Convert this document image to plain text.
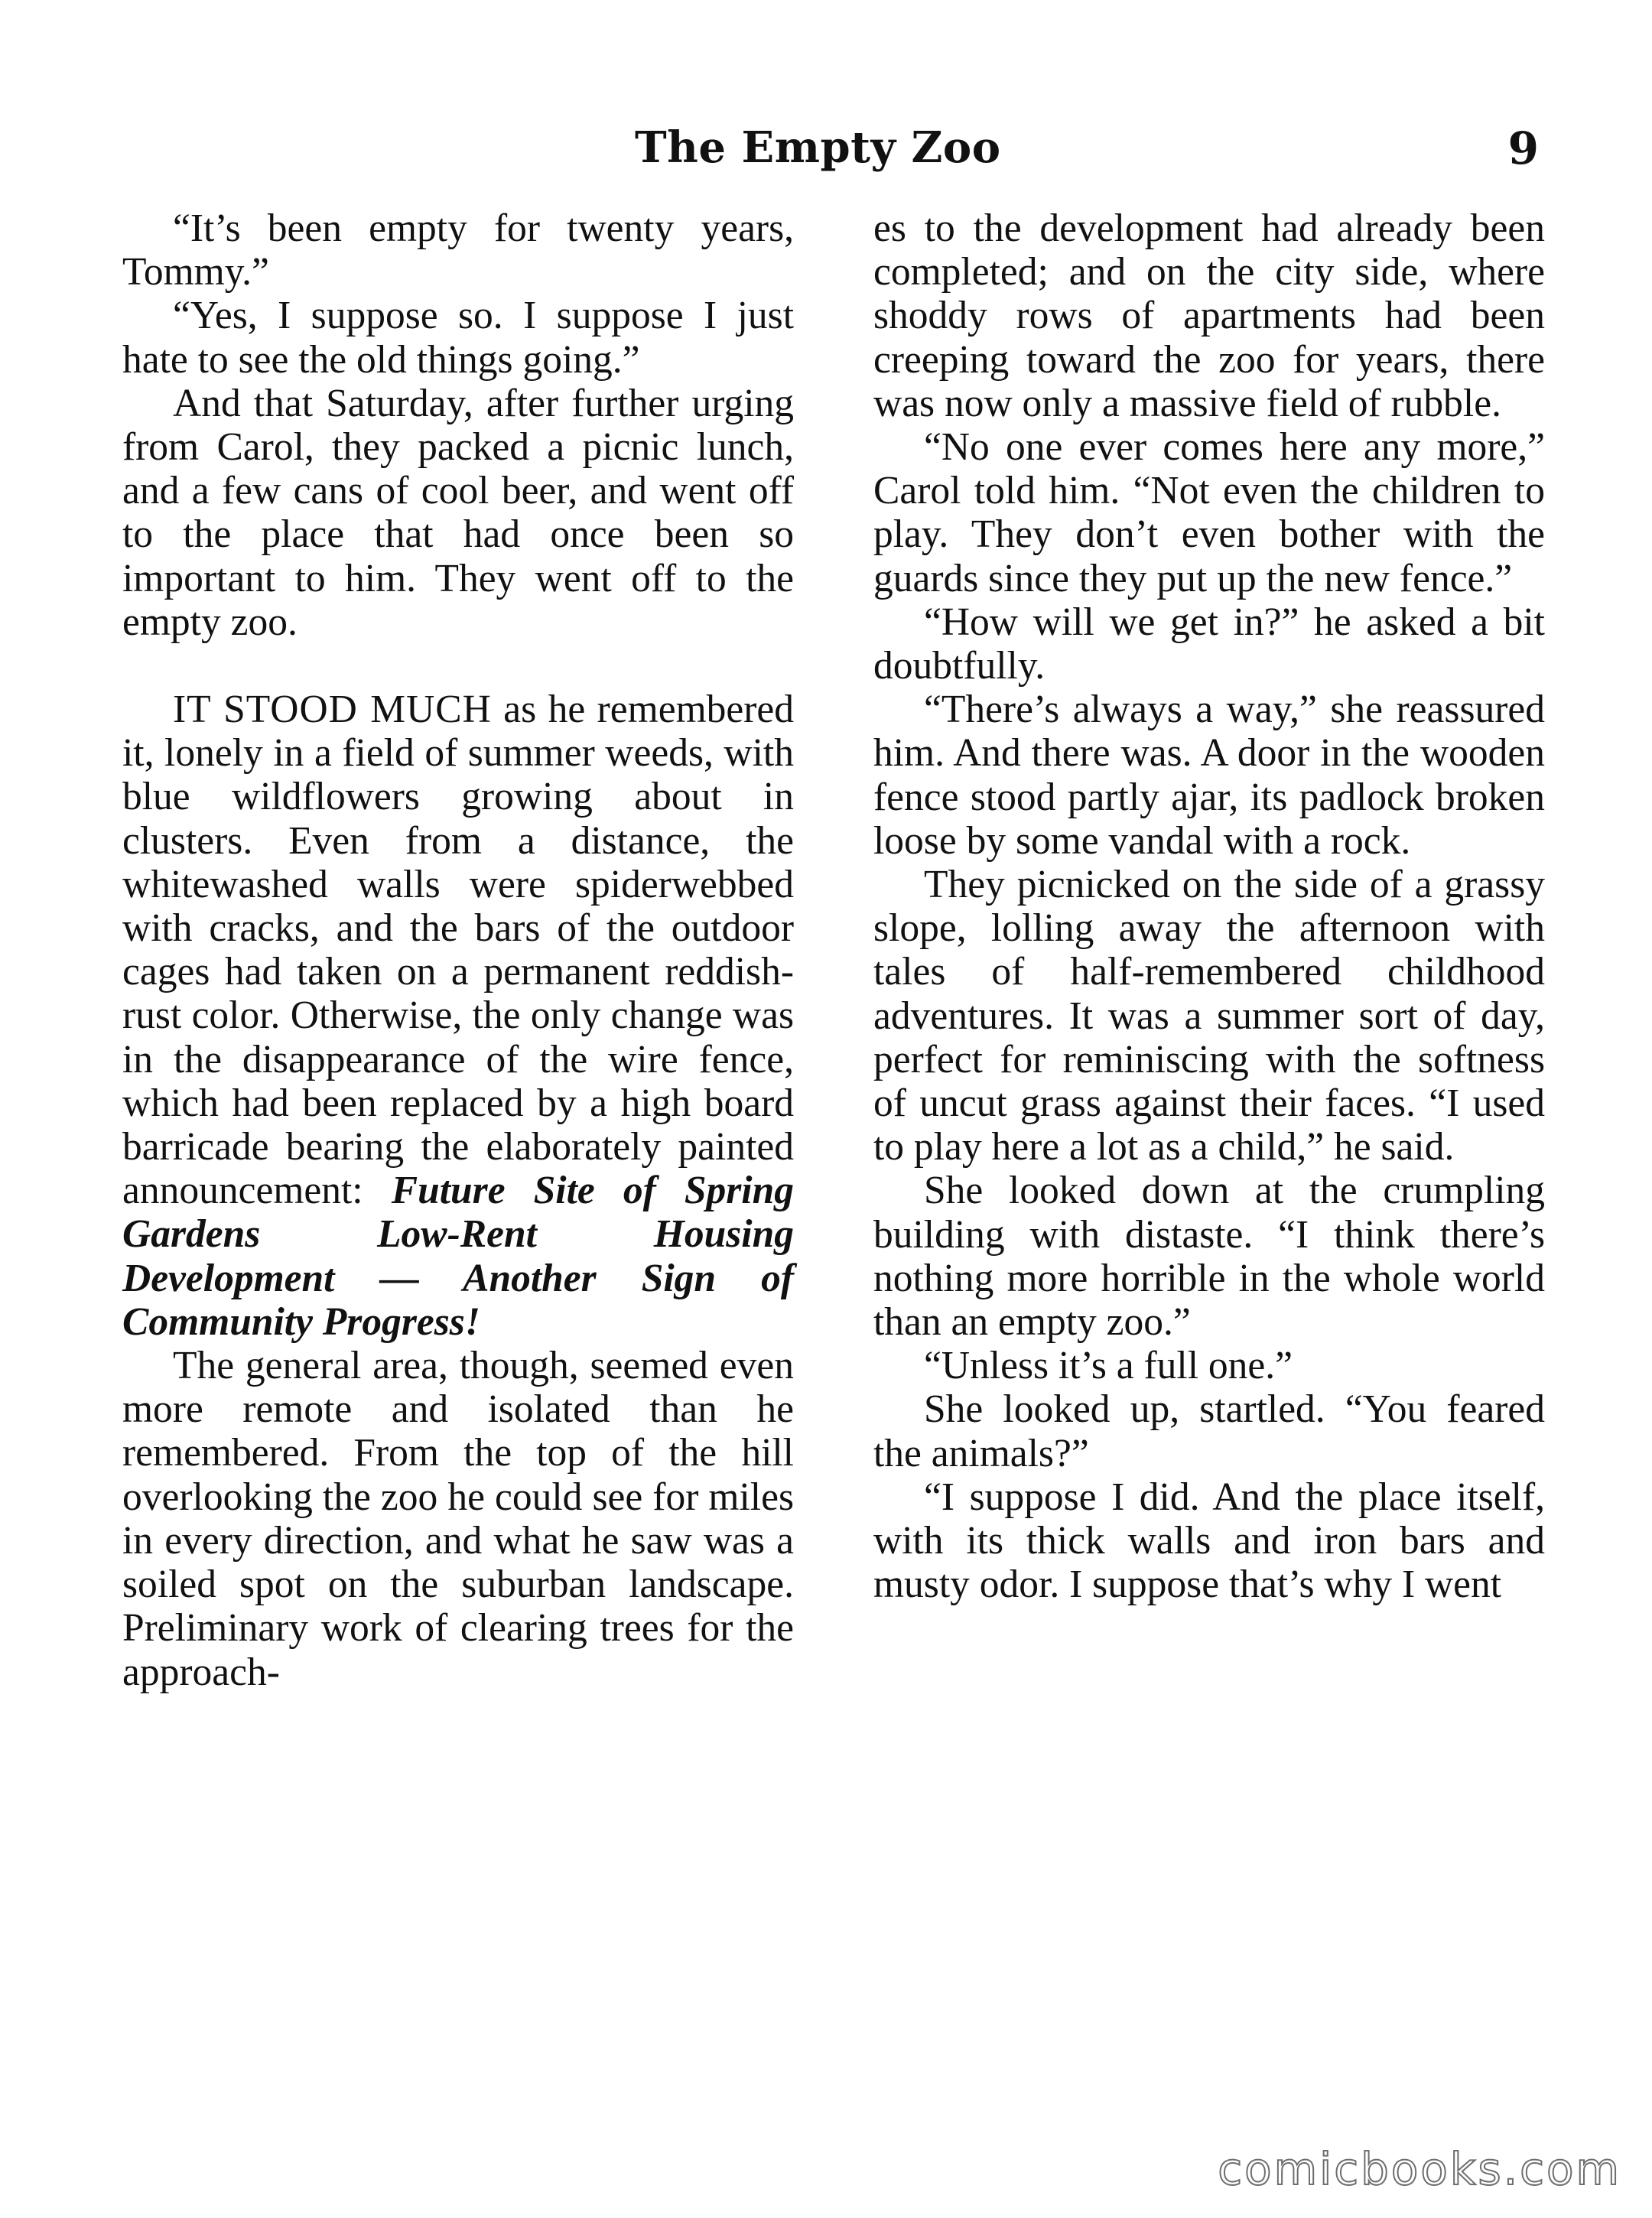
The Empty Zoo	9

“It’s been empty for twenty years, Tommy.”

“Yes, I suppose so. I suppose I just hate to see the old things going.”

And that Saturday, after further urging from Carol, they packed a picnic lunch, and a few cans of cool beer, and went off to the place that had once been so important to him. They went off to the empty zoo.

IT STOOD MUCH as he remembered it, lonely in a field of summer weeds, with blue wildflowers growing about in clusters. Even from a distance, the whitewashed walls were spiderwebbed with cracks, and the bars of the outdoor cages had taken on a permanent reddish-rust color. Otherwise, the only change was in the disappearance of the wire fence, which had been replaced by a high board barricade bearing the elaborately painted announcement: Future Site of Spring Gardens Low-Rent Housing Development — Another Sign of Community Progress!

The general area, though, seemed even more remote and isolated than he remembered. From the top of the hill overlooking the zoo he could see for miles in every direction, and what he saw was a soiled spot on the suburban landscape. Preliminary work of clearing trees for the approach-

es to the development had already been completed; and on the city side, where shoddy rows of apartments had been creeping toward the zoo for years, there was now only a massive field of rubble.

“No one ever comes here any more,” Carol told him. “Not even the children to play. They don’t even bother with the guards since they put up the new fence.”

“How will we get in?” he asked a bit doubtfully.

“There’s always a way,” she reassured him. And there was. A door in the wooden fence stood partly ajar, its padlock broken loose by some vandal with a rock.

They picnicked on the side of a grassy slope, lolling away the afternoon with tales of half-remembered childhood adventures. It was a summer sort of day, perfect for reminiscing with the softness of uncut grass against their faces. “I used to play here a lot as a child,” he said.

She looked down at the crumpling building with distaste. “I think there’s nothing more horrible in the whole world than an empty zoo.”

“Unless it’s a full one.”

She looked up, startled. “You feared the animals?”

“I suppose I did. And the place itself, with its thick walls and iron bars and musty odor. I suppose that’s why I went

comicbooks.com
